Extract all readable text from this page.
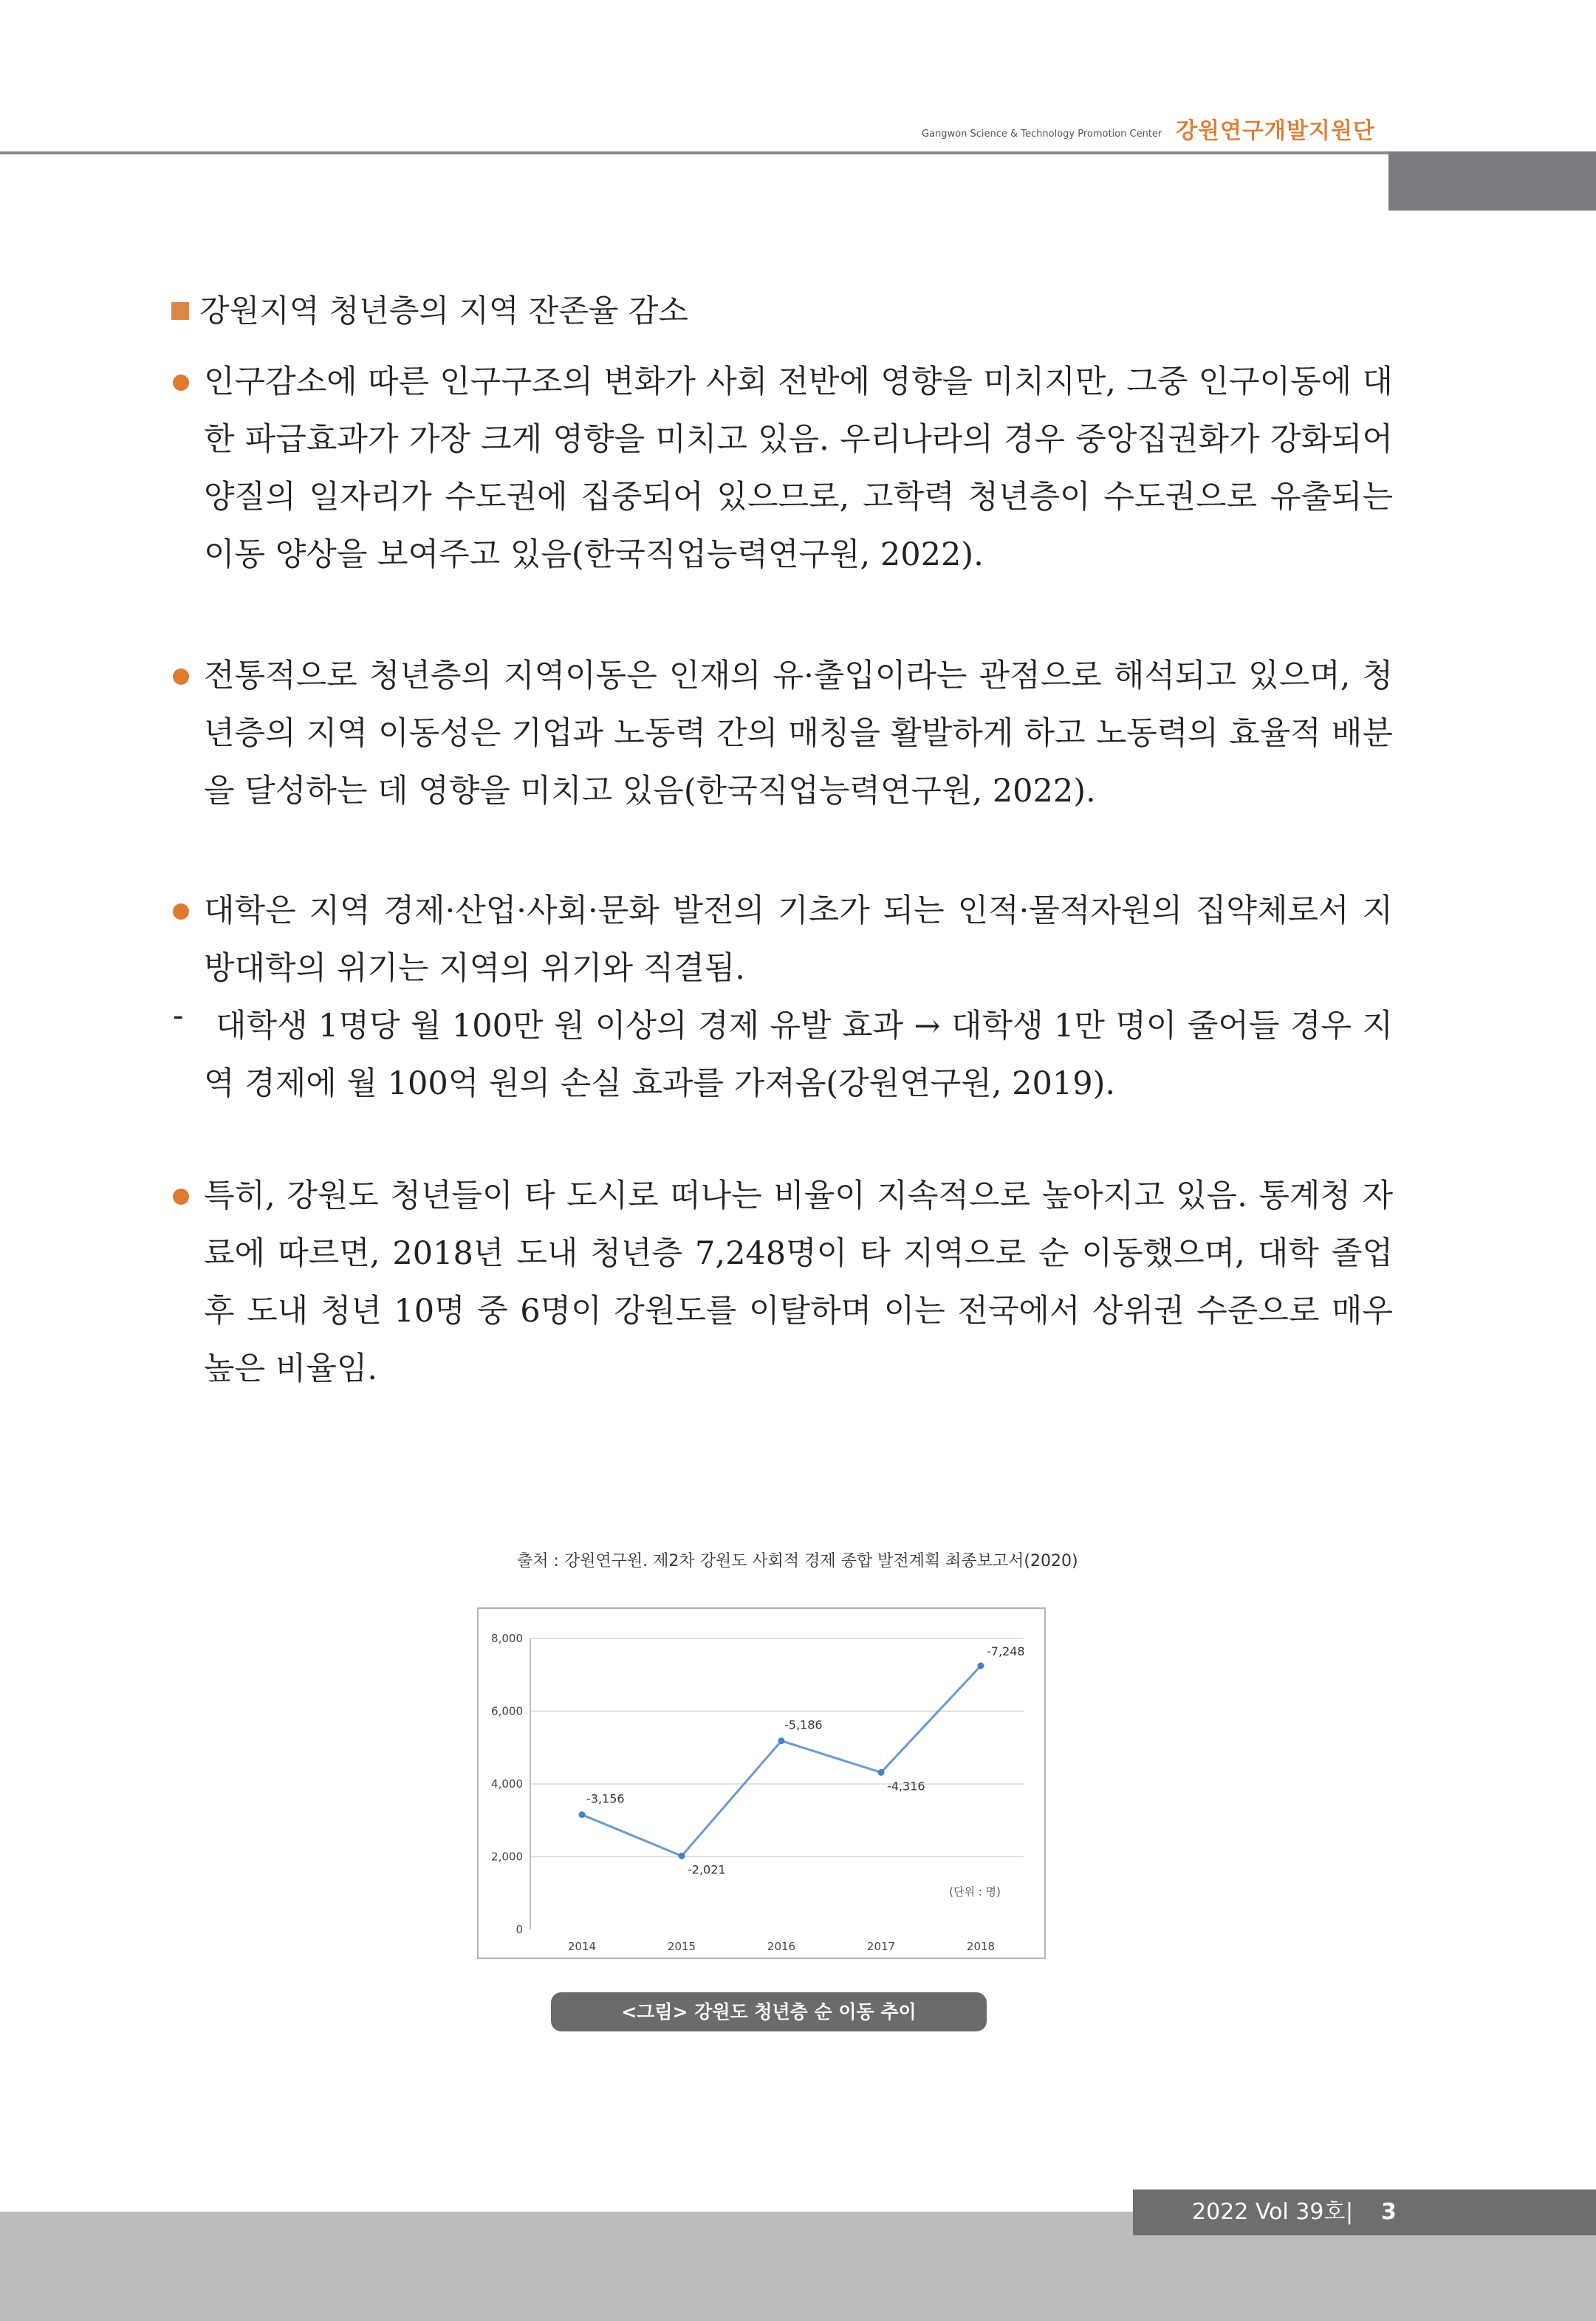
Gangwon Science & Technology Promotion Center 강원연구개발지원단
강원지역 청년층의 지역 잔존율 감소
인구감소에 따른 인구구조의 변화가 사회 전반에 영향을 미치지만, 그중 인구이동에 대한 파급효과가 가장 크게 영향을 미치고 있음. 우리나라의 경우 중앙집권화가 강화되어 양질의 일자리가 수도권에 집중되어 있으므로, 고학력 청년층이 수도권으로 유출되는 이동 양상을 보여주고 있음(한국직업능력연구원, 2022).
전통적으로 청년층의 지역이동은 인재의 유·출입이라는 관점으로 해석되고 있으며, 청년층의 지역 이동성은 기업과 노동력 간의 매칭을 활발하게 하고 노동력의 효율적 배분을 달성하는 데 영향을 미치고 있음(한국직업능력연구원, 2022).
대학은 지역 경제·산업·사회·문화 발전의 기초가 되는 인적·물적자원의 집약체로서 지방대학의 위기는 지역의 위기와 직결됨.
-	대학생 1명당 월 100만 원 이상의 경제 유발 효과 → 대학생 1만 명이 줄어들 경우 지역 경제에 월 100억 원의 손실 효과를 가져옴(강원연구원, 2019).
특히, 강원도 청년들이 타 도시로 떠나는 비율이 지속적으로 높아지고 있음. 통계청 자료에 따르면, 2018년 도내 청년층 7,248명이 타 지역으로 순 이동했으며, 대학 졸업 후 도내 청년 10명 중 6명이 강원도를 이탈하며 이는 전국에서 상위권 수준으로 매우 높은 비율임.
출처 : 강원연구원. 제2차 강원도 사회적 경제 종합 발전계획 최종보고서(2020)
0
2,000
4,000
6,000
8,000
2014	2015	2016	2017	2018
-3,156
-2,021
-5,186
-4,316
-7,248
(단위 : 명)
<그림> 강원도 청년층 순 이동 추이
2022 Vol 39호 | 3
